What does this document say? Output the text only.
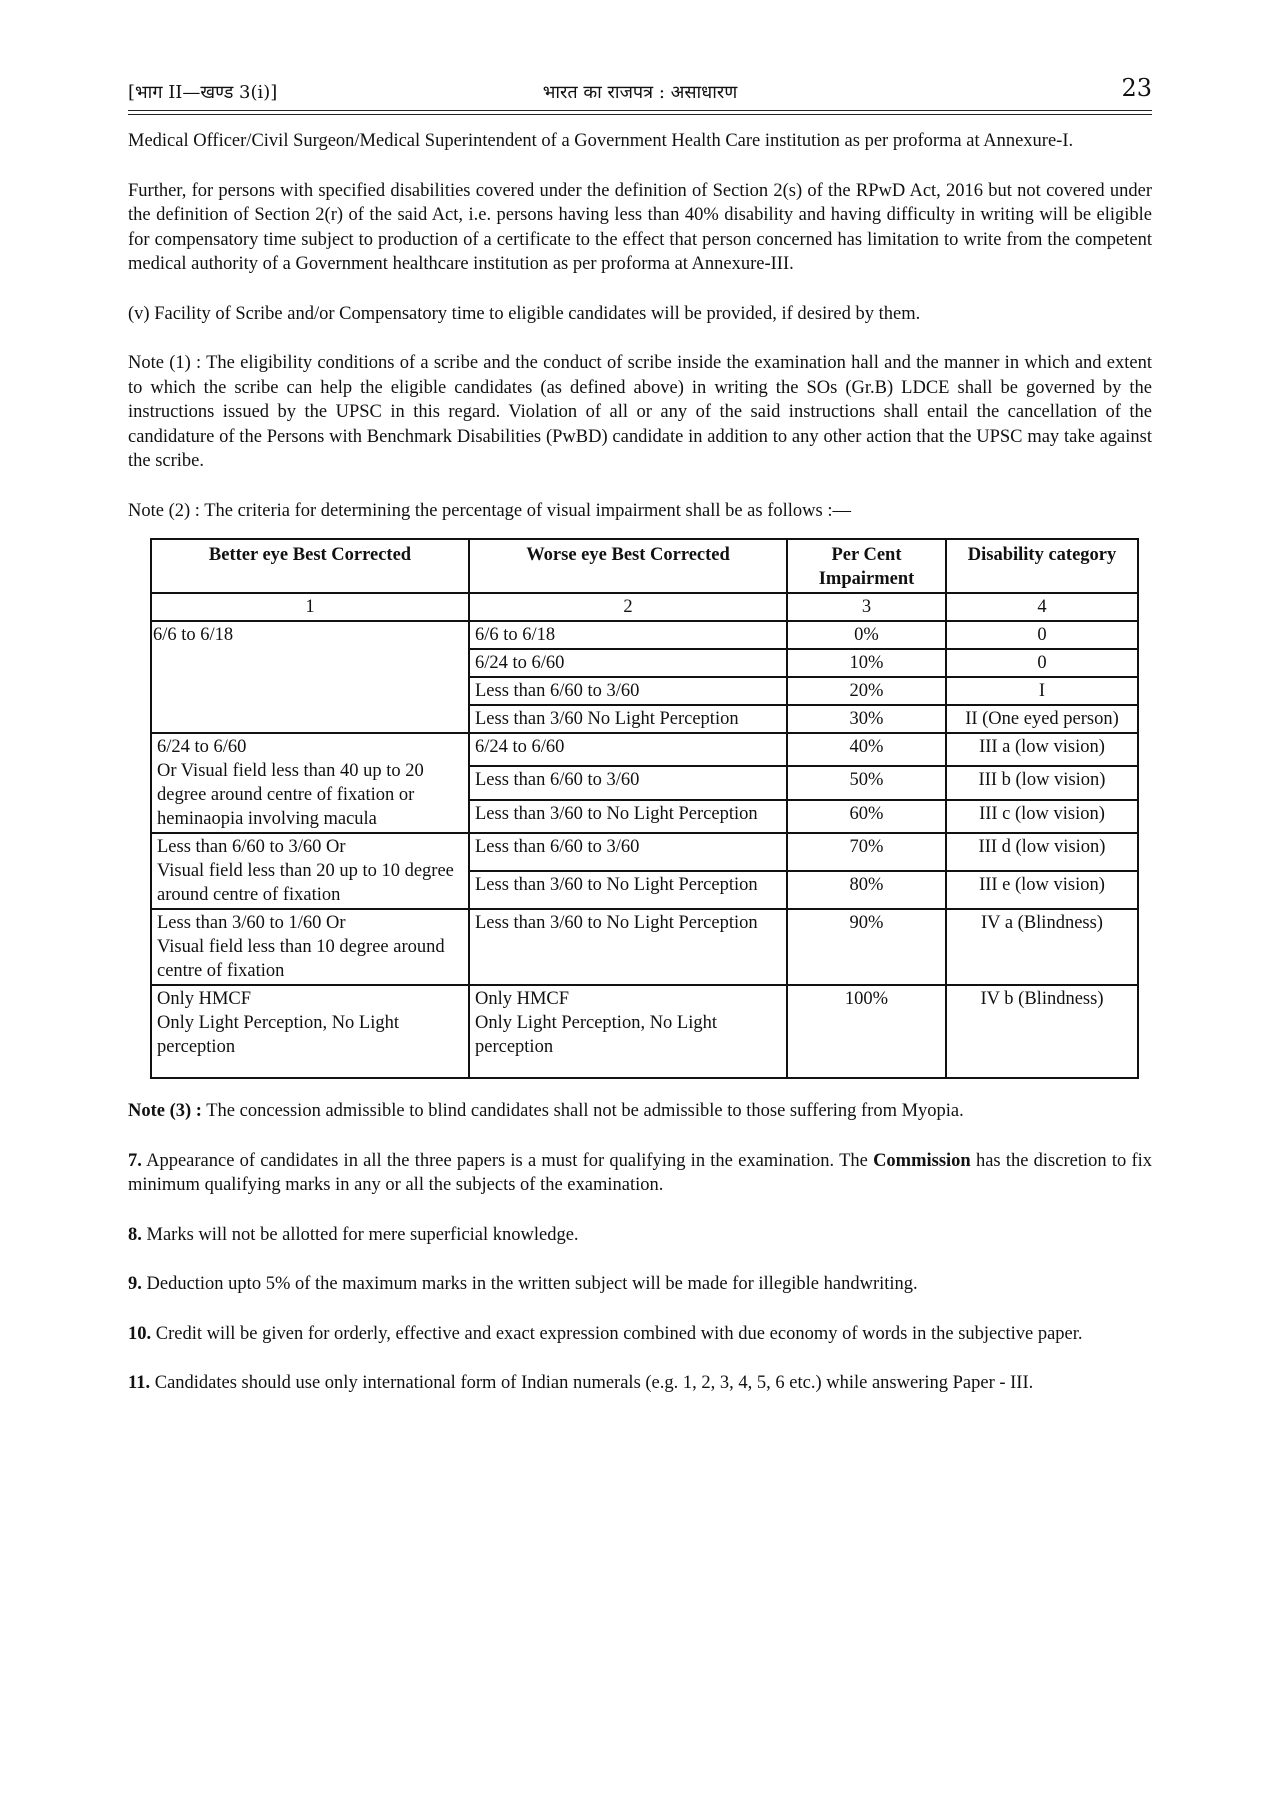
[भाग II—खण्ड 3(i)]	भारत का राजपत्र : असाधारण	23

Medical Officer/Civil Surgeon/Medical Superintendent of a Government Health Care institution as per proforma at Annexure-I.

Further, for persons with specified disabilities covered under the definition of Section 2(s) of the RPwD Act, 2016 but not covered under the definition of Section 2(r) of the said Act, i.e. persons having less than 40% disability and having difficulty in writing will be eligible for compensatory time subject to production of a certificate to the effect that person concerned has limitation to write from the competent medical authority of a Government healthcare institution as per proforma at Annexure-III.

(v) Facility of Scribe and/or Compensatory time to eligible candidates will be provided, if desired by them.

Note (1) : The eligibility conditions of a scribe and the conduct of scribe inside the examination hall and the manner in which and extent to which the scribe can help the eligible candidates (as defined above) in writing the SOs (Gr.B) LDCE shall be governed by the instructions issued by the UPSC in this regard. Violation of all or any of the said instructions shall entail the cancellation of the candidature of the Persons with Benchmark Disabilities (PwBD) candidate in addition to any other action that the UPSC may take against the scribe.

Note (2) : The criteria for determining the percentage of visual impairment shall be as follows :—

Better eye Best Corrected	Worse eye Best Corrected	Per Cent Impairment	Disability category
1	2	3	4
6/6 to 6/18	6/6 to 6/18	0%	0
	6/24 to 6/60	10%	0
	Less than 6/60 to 3/60	20%	I
	Less than 3/60 No Light Perception	30%	II (One eyed person)
6/24 to 6/60
Or Visual field less than 40 up to 20 degree around centre of fixation or heminaopia involving macula	6/24 to 6/60	40%	III a (low vision)
	Less than 6/60 to 3/60	50%	III b (low vision)
	Less than 3/60 to No Light Perception	60%	III c (low vision)
Less than 6/60 to 3/60 Or
Visual field less than 20 up to 10 degree around centre of fixation	Less than 6/60 to 3/60	70%	III d (low vision)
	Less than 3/60 to No Light Perception	80%	III e (low vision)
Less than 3/60 to 1/60 Or
Visual field less than 10 degree around centre of fixation	Less than 3/60 to No Light Perception	90%	IV a (Blindness)
Only HMCF
Only Light Perception, No Light perception	Only HMCF
Only Light Perception, No Light perception	100%	IV b (Blindness)

Note (3) : The concession admissible to blind candidates shall not be admissible to those suffering from Myopia.

7. Appearance of candidates in all the three papers is a must for qualifying in the examination. The Commission has the discretion to fix minimum qualifying marks in any or all the subjects of the examination.

8. Marks will not be allotted for mere superficial knowledge.

9. Deduction upto 5% of the maximum marks in the written subject will be made for illegible handwriting.

10. Credit will be given for orderly, effective and exact expression combined with due economy of words in the subjective paper.

11. Candidates should use only international form of Indian numerals (e.g. 1, 2, 3, 4, 5, 6 etc.) while answering Paper - III.
